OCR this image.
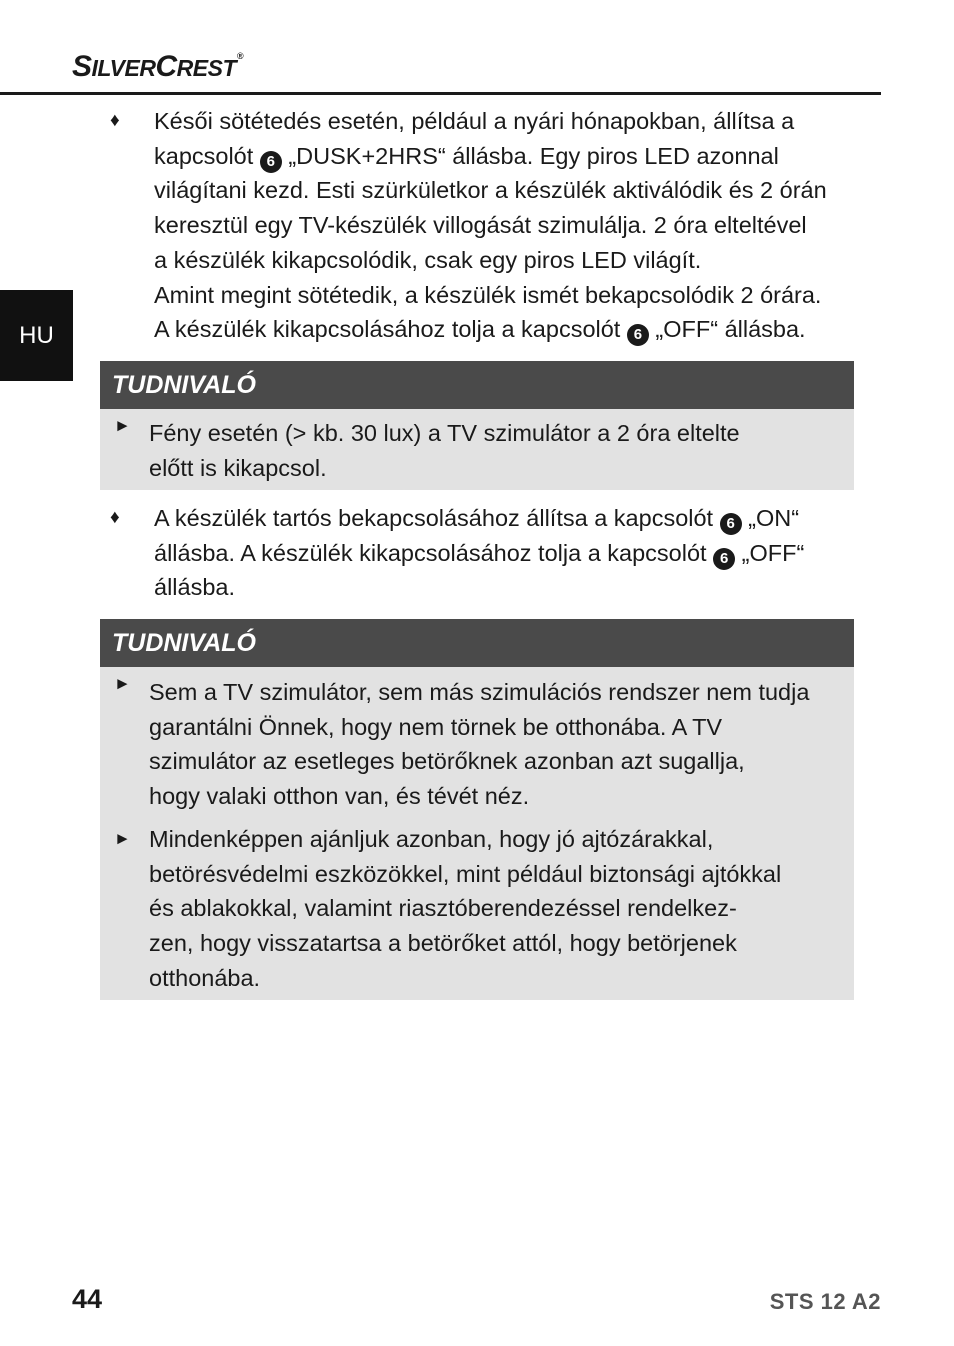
SILVERCREST®
HU
♦ Késői sötétedés esetén, például a nyári hónapokban, állítsa a
kapcsolót 6 „DUSK+2HRS“ állásba. Egy piros LED azonnal
világítani kezd. Esti szürkületkor a készülék aktiválódik és 2 órán
keresztül egy TV-készülék villogását szimulálja. 2 óra elteltével
a készülék kikapcsolódik, csak egy piros LED világít.
Amint megint sötétedik, a készülék ismét bekapcsolódik 2 órára.
A készülék kikapcsolásához tolja a kapcsolót 6 „OFF“ állásba.
TUDNIVALÓ
► Fény esetén (> kb. 30 lux) a TV szimulátor a 2 óra eltelte
előtt is kikapcsol.
♦ A készülék tartós bekapcsolásához állítsa a kapcsolót 6 „ON“
állásba. A készülék kikapcsolásához tolja a kapcsolót 6 „OFF“
állásba.
TUDNIVALÓ
► Sem a TV szimulátor, sem más szimulációs rendszer nem tudja
garantálni Önnek, hogy nem törnek be otthonába. A TV
szimulátor az esetleges betörőknek azonban azt sugallja,
hogy valaki otthon van, és tévét néz.
► Mindenképpen ajánljuk azonban, hogy jó ajtózárakkal,
betörésvédelmi eszközökkel, mint például biztonsági ajtókkal
és ablakokkal, valamint riasztóberendezéssel rendelkez-
zen, hogy visszatartsa a betörőket attól, hogy betörjenek
otthonába.
44	STS 12 A2
